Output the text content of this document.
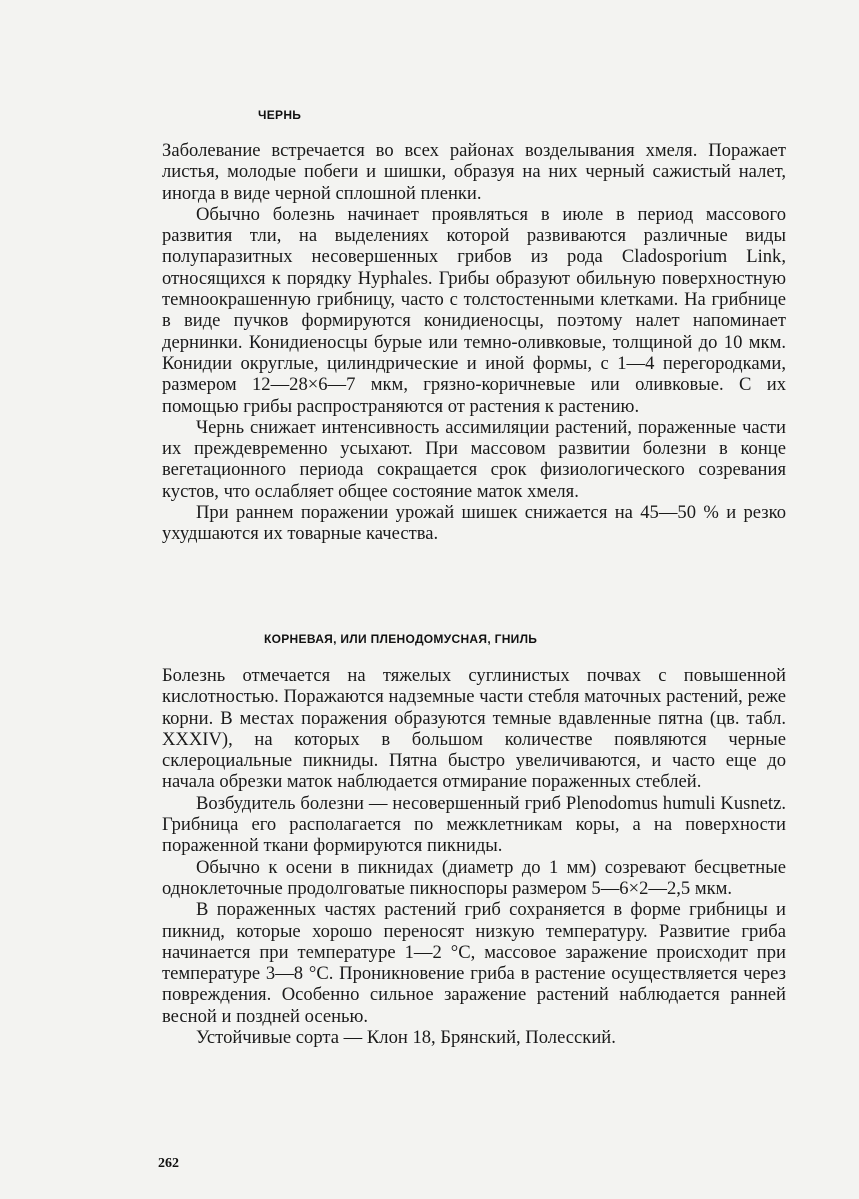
ЧЕРНЬ

Заболевание встречается во всех районах возделывания хмеля. Поражает листья, молодые побеги и шишки, образуя на них черный сажистый налет, иногда в виде черной сплошной пленки.

Обычно болезнь начинает проявляться в июле в период массового развития тли, на выделениях которой развиваются различные виды полупаразитных несовершенных грибов из рода Cladosporium Link, относящихся к порядку Hyphales. Грибы образуют обильную поверхностную темноокрашенную грибницу, часто с толстостенными клетками. На грибнице в виде пучков формируются конидиеносцы, поэтому налет напоминает дернинки. Конидиеносцы бурые или темно-оливковые, толщиной до 10 мкм. Конидии округлые, цилиндрические и иной формы, с 1—4 перегородками, размером 12—28×6—7 мкм, грязно-коричневые или оливковые. С их помощью грибы распространяются от растения к растению.

Чернь снижает интенсивность ассимиляции растений, пораженные части их преждевременно усыхают. При массовом развитии болезни в конце вегетационного периода сокращается срок физиологического созревания кустов, что ослабляет общее состояние маток хмеля.

При раннем поражении урожай шишек снижается на 45—50 % и резко ухудшаются их товарные качества.

КОРНЕВАЯ, ИЛИ ПЛЕНОДОМУСНАЯ, ГНИЛЬ

Болезнь отмечается на тяжелых суглинистых почвах с повышенной кислотностью. Поражаются надземные части стебля маточных растений, реже корни. В местах поражения образуются темные вдавленные пятна (цв. табл. XXXIV), на которых в большом количестве появляются черные склероциальные пикниды. Пятна быстро увеличиваются, и часто еще до начала обрезки маток наблюдается отмирание пораженных стеблей.

Возбудитель болезни — несовершенный гриб Plenodomus humuli Kusnetz. Грибница его располагается по межклетникам коры, а на поверхности пораженной ткани формируются пикниды.

Обычно к осени в пикнидах (диаметр до 1 мм) созревают бесцветные одноклеточные продолговатые пикноспоры размером 5—6×2—2,5 мкм.

В пораженных частях растений гриб сохраняется в форме грибницы и пикнид, которые хорошо переносят низкую температуру. Развитие гриба начинается при температуре 1—2 °С, массовое заражение происходит при температуре 3—8 °С. Проникновение гриба в растение осуществляется через повреждения. Особенно сильное заражение растений наблюдается ранней весной и поздней осенью.

Устойчивые сорта — Клон 18, Брянский, Полесский.

262
